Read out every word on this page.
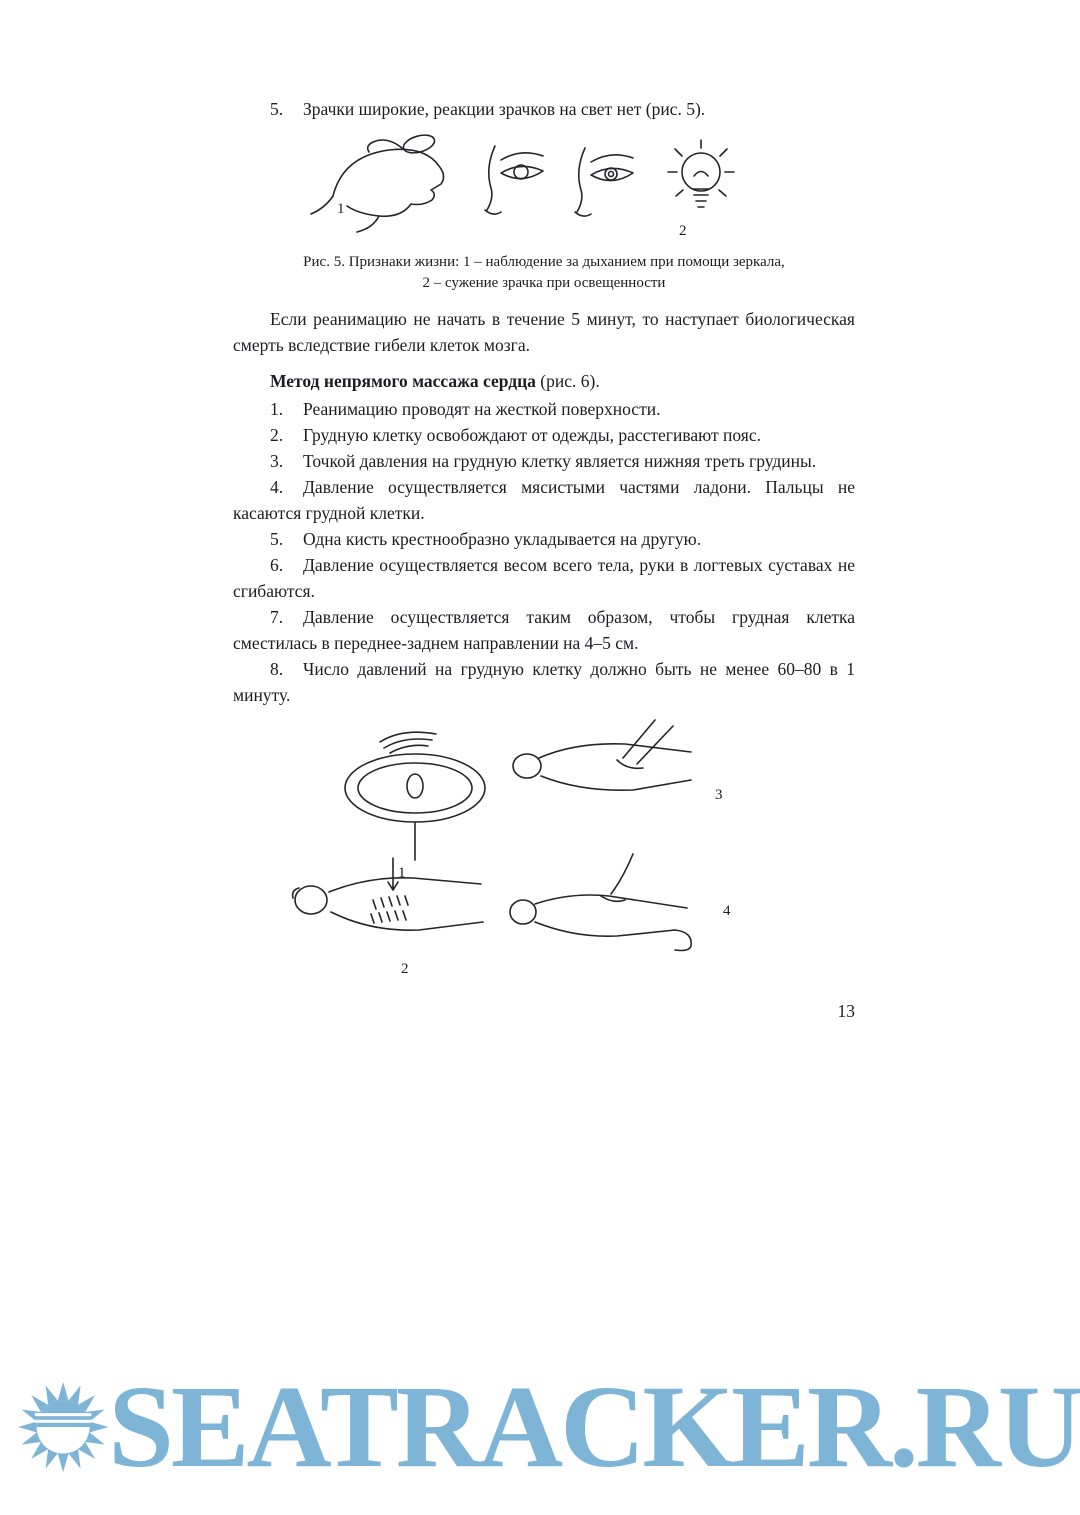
5. Зрачки широкие, реакции зрачков на свет нет (рис. 5).

1
2

Рис. 5. Признаки жизни: 1 – наблюдение за дыханием при помощи зеркала,

2 – сужение зрачка при освещенности

Если реанимацию не начать в течение 5 минут, то наступает биологическая смерть вследствие гибели клеток мозга.

Метод непрямого массажа сердца (рис. 6).

1. Реанимацию проводят на жесткой поверхности.

2. Грудную клетку освобождают от одежды, расстегивают пояс.

3. Точкой давления на грудную клетку является нижняя треть грудины.

4. Давление осуществляется мясистыми частями ладони. Пальцы не касаются грудной клетки.

5. Одна кисть крестнообразно укладывается на другую.

6. Давление осуществляется весом всего тела, руки в логтевых суставах не сгибаются.

7. Давление осуществляется таким образом, чтобы грудная клетка сместилась в переднее-заднем направлении на 4–5 см.

8. Число давлений на грудную клетку должно быть не менее 60–80 в 1 минуту.

1
2
3
4

13

SEATRACKER.RU
